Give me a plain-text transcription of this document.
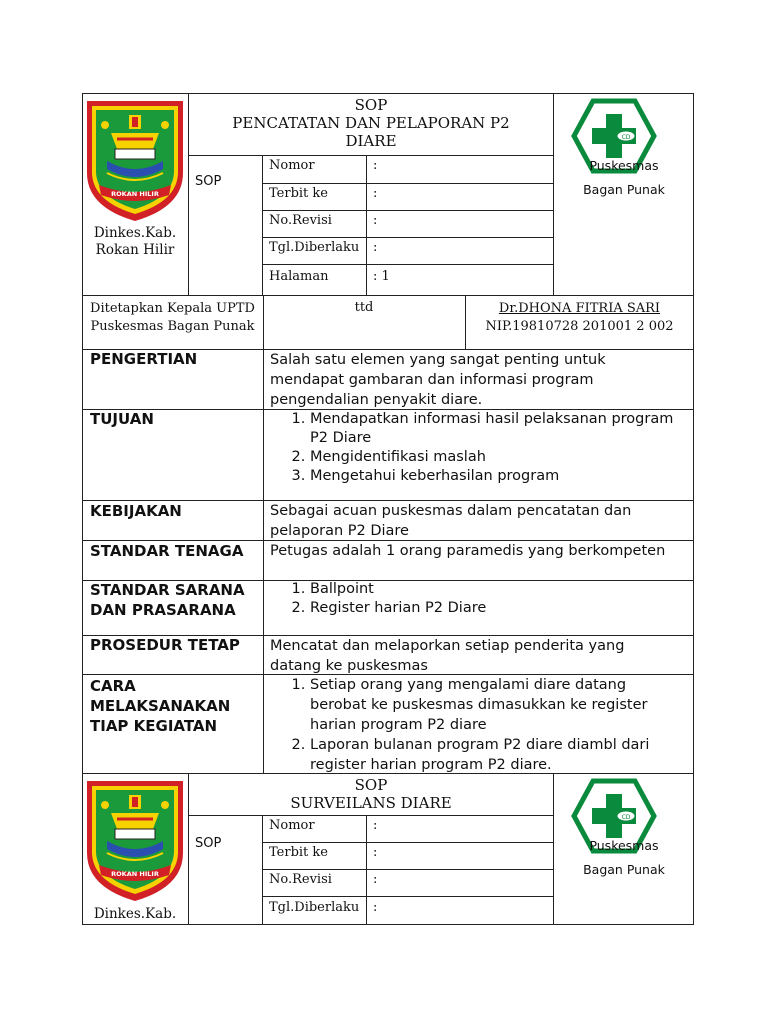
ROKAN HILIR
Dinkes.Kab.
Rokan Hilir
SOP
PENCATATAN DAN PELAPORAN P2
DIARE
SOP
Nomor	:
Terbit ke	:
No.Revisi	:
Tgl.Diberlaku :
Halaman	: 1
CD
Puskesmas
Bagan Punak
Ditetapkan Kepala UPTD
Puskesmas Bagan Punak
ttd	Dr.DHONA FITRIA SARI
NIP.19810728 201001 2 002
PENGERTIAN	Salah satu elemen yang sangat penting untuk mendapat gambaran dan informasi program pengendalian penyakit diare.
TUJUAN
1.	Mendapatkan informasi hasil pelaksanan program P2 Diare
2. Mengidentifikasi maslah
3. Mengetahui keberhasilan program
KEBIJAKAN	Sebagai acuan puskesmas dalam pencatatan dan pelaporan P2 Diare
STANDAR TENAGA Petugas adalah 1 orang paramedis yang berkompeten
STANDAR SARANA
DAN PRASARANA
1. Ballpoint
2. Register harian P2 Diare
PROSEDUR TETAP Mencatat dan melaporkan setiap penderita yang datang ke puskesmas
CARA
MELAKSANAKAN
TIAP KEGIATAN
1. Setiap orang yang mengalami diare datang berobat ke puskesmas dimasukkan ke register harian program P2 diare
2. Laporan bulanan program P2 diare diambl dari register harian program P2 diare.
ROKAN HILIR
Dinkes.Kab.
SOP
SURVEILANS DIARE
SOP
Nomor	:
Terbit ke	:
No.Revisi	:
Tgl.Diberlaku :
CD
Puskesmas
Bagan Punak
